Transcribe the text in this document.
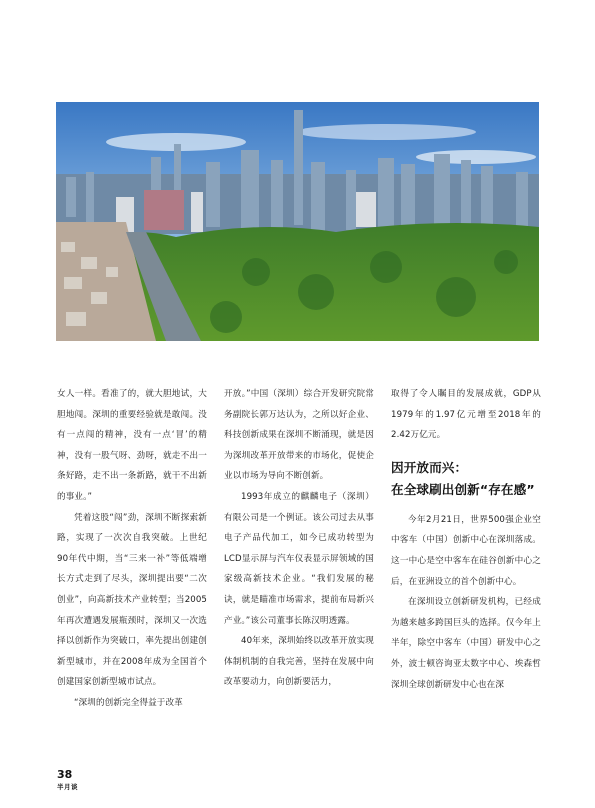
女人一样。看准了的，就大胆地试，大胆地闯。深圳的重要经验就是敢闯。没有一点闯的精神，没有一点‘冒’的精神，没有一股气呀、劲呀，就走不出一条好路，走不出一条新路，就干不出新的事业。”

凭着这股“闯”劲，深圳不断探索新路，实现了一次次自我突破。上世纪90年代中期，当“三来一补”等低端增长方式走到了尽头，深圳提出要“二次创业”，向高新技术产业转型；当2005年再次遭遇发展瓶颈时，深圳又一次选择以创新作为突破口，率先提出创建创新型城市，并在2008年成为全国首个创建国家创新型城市试点。

“深圳的创新完全得益于改革

开放。”中国（深圳）综合开发研究院常务副院长郭万达认为，之所以好企业、科技创新成果在深圳不断涌现，就是因为深圳改革开放带来的市场化，促使企业以市场为导向不断创新。

1993年成立的麒麟电子（深圳）有限公司是一个例证。该公司过去从事电子产品代加工，如今已成功转型为LCD显示屏与汽车仪表显示屏领域的国家级高新技术企业。“我们发展的秘诀，就是瞄准市场需求，提前布局新兴产业。”该公司董事长陈汉明透露。

40年来，深圳始终以改革开放实现体制机制的自我完善，坚持在发展中向改革要动力，向创新要活力，

取得了令人瞩目的发展成就，GDP从1979年的1.97亿元增至2018年的2.42万亿元。

因开放而兴：
在全球刷出创新“存在感”

今年2月21日，世界500强企业空中客车（中国）创新中心在深圳落成。这一中心是空中客车在硅谷创新中心之后，在亚洲设立的首个创新中心。

在深圳设立创新研发机构，已经成为越来越多跨国巨头的选择。仅今年上半年，除空中客车（中国）研发中心之外，波士顿咨询亚太数字中心、埃森哲深圳全球创新研发中心也在深

38
半月谈
